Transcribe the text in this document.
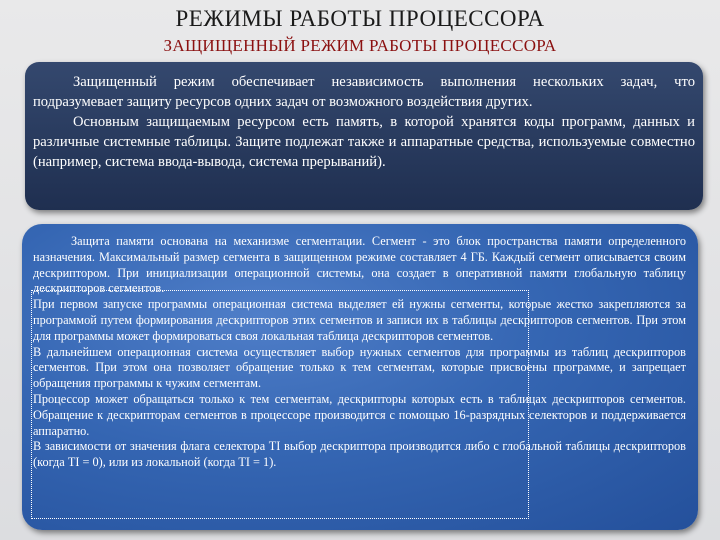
РЕЖИМЫ РАБОТЫ ПРОЦЕССОРА
ЗАЩИЩЕННЫЙ РЕЖИМ РАБОТЫ ПРОЦЕССОРА

Защищенный режим обеспечивает независимость выполнения нескольких задач, что подразумевает защиту ресурсов одних задач от возможного воздействия других.

Основным защищаемым ресурсом есть память, в которой хранятся коды программ, данных и различные системные таблицы. Защите подлежат также и аппаратные средства, используемые совместно (например, система ввода-вывода, система прерываний).

Защита памяти основана на механизме сегментации. Сегмент - это блок пространства памяти определенного назначения. Максимальный размер сегмента в защищенном режиме составляет 4 ГБ. Каждый сегмент описывается своим дескриптором. При инициализации операционной системы, она создает в оперативной памяти глобальную таблицу дескрипторов сегментов.

При первом запуске программы операционная система выделяет ей нужны сегменты, которые жестко закрепляются за программой путем формирования дескрипторов этих сегментов и записи их в таблицы дескрипторов сегментов. При этом для программы может формироваться своя локальная таблица дескрипторов сегментов.

В дальнейшем операционная система осуществляет выбор нужных сегментов для программы из таблиц дескрипторов сегментов. При этом она позволяет обращение только к тем сегментам, которые присвоены программе, и запрещает обращения программы к чужим сегментам.

Процессор может обращаться только к тем сегментам, дескрипторы которых есть в таблицах дескрипторов сегментов. Обращение к дескрипторам сегментов в процессоре производится с помощью 16-разрядных селекторов и поддерживается аппаратно.

В зависимости от значения флага селектора TI выбор дескриптора производится либо с глобальной таблицы дескрипторов (когда TI = 0), или из локальной (когда TI = 1).
